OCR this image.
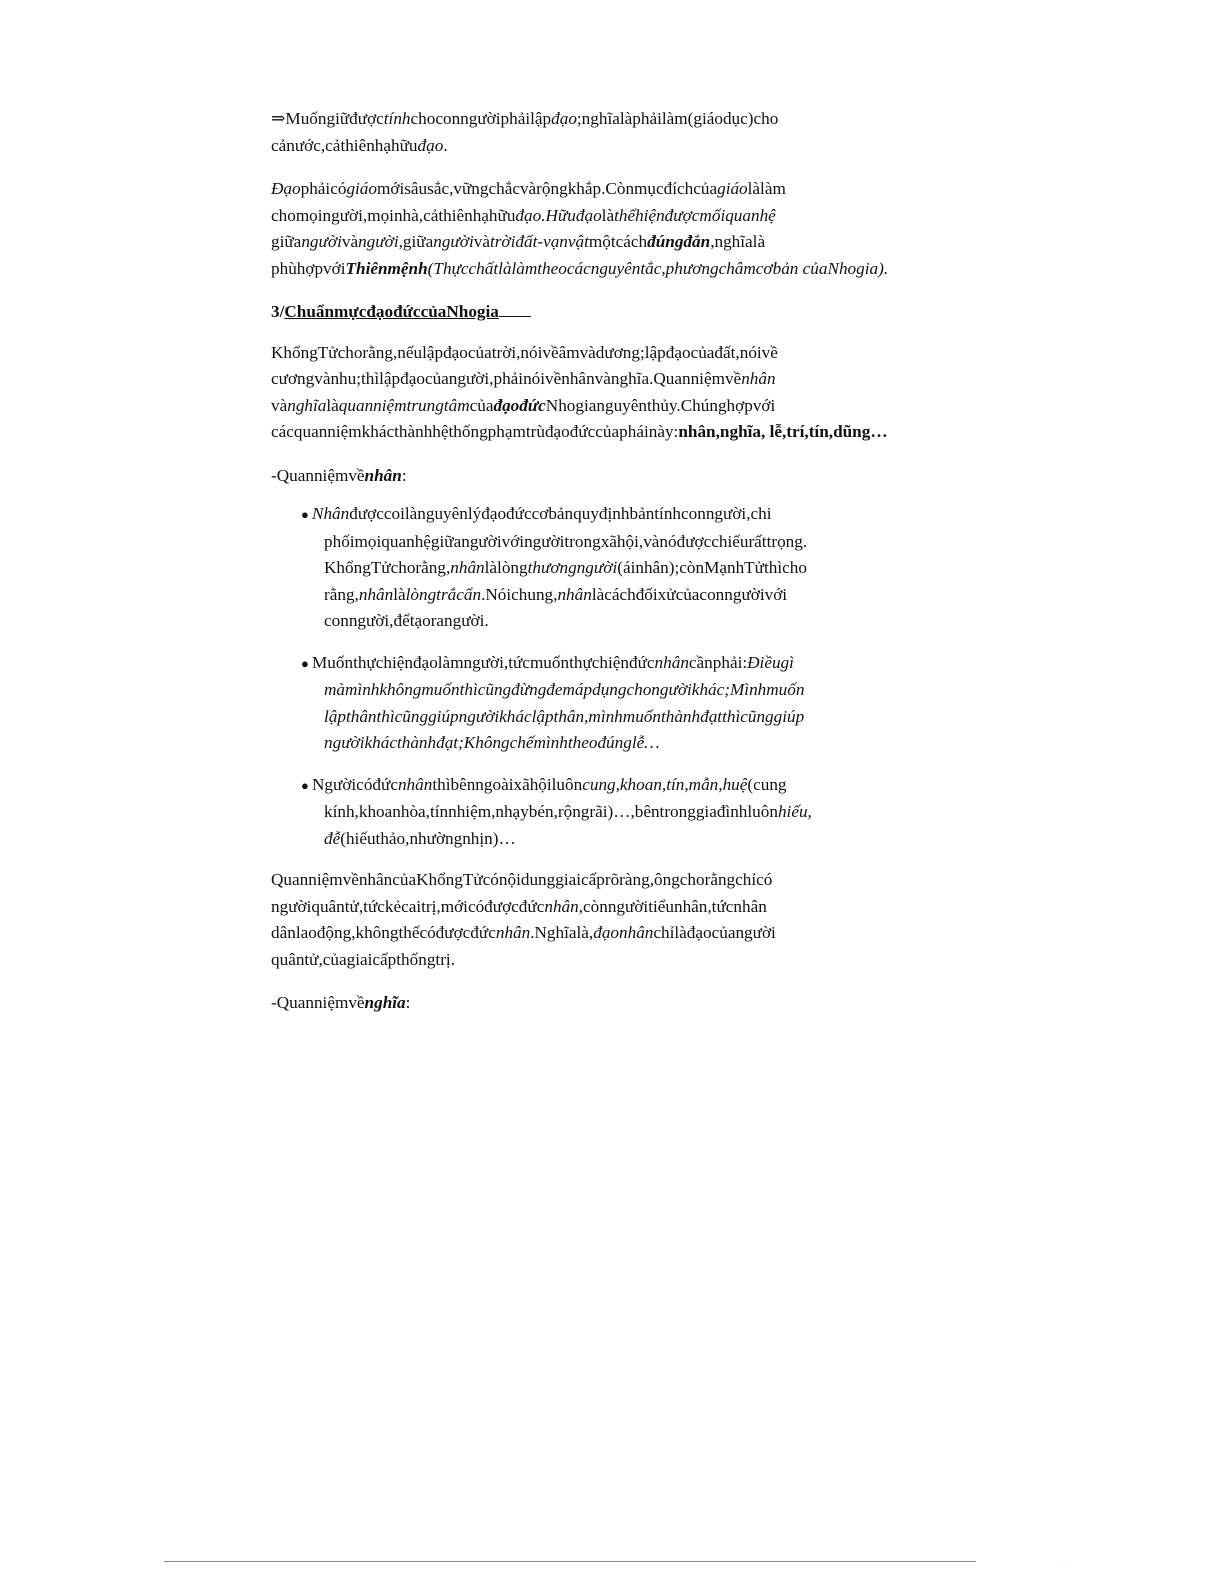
⇒Muốngiữđượctínhchoconngườiphảilậpđạo;nghĩalàphảilàm(giáodục)cho cảnước,cảthiênhạhữuđạo.

Đạophảicógiáomớisâusắc,vữngchắcvàrộngkhắp.Cònmụcđíchcủagiáolàlàm chomọingười,mọinhà,cảthiênhạhữuđạo.Hữuđạolàthểhiệnđượcmốiquanhệ giữangườivàngười,giữangườivàtrờiđất-vạnvậtmộtcáchđúngđắn,nghĩalà phùhợpvớiThiênmệnh(Thựcchấtlàlàmtheocácnguyêntắc,phươngchâmcơbản củaNhogia).

3/ChuẩnmựcđạođứccủaNhogia

KhổngTửchorằng,nếulậpđạocủatrời,nóivềâmvàdương;lậpđạocủađất,nóivề cươngvànhu;thìlậpđạocủangười,phảinóivềnhânvànghĩa.Quanniệmvềnhân vànghĩalàquanniệmtrungtâmcủađạođứcNhogianguyênthủy.Chúnghợpvới cácquanniệmkhácthànhhệthốngphạmtrùđạođứccủapháinày:nhân,nghĩa, lễ,trí,tín,dũng…

-Quanniệmvềnhân:

● Nhânđượccoilànguyênlýđạođứccơbảnquyđịnhbảntínhconngười,chi phốimọiquanhệgiữangườivớingườitrongxãhội,vànóđượcchiếurấttrọng. KhổngTửchorằng,nhânlàlòngthươngngười(áinhân);cònMạnhTửthìcho rằng,nhânlàlòngtrắcẩn.Nóichung,nhânlàcáchđốixửcủaconngườivới conngười,đểtạorangười.

● Muốnthựchiệnđạolàmngười,tứcmuốnthựchiệnđứcnhâncầnphải:Điềugì màmìnhkhôngmuốnthìcũngđừngđemápdụngchongườikhác;Mìnhmuốn lậpthânthìcũnggiúpngườikháclậpthân,mìnhmuốnthànhđạtthìcũnggiúp ngườikhácthànhđạt;Khôngchếmìnhtheođúnglễ…

● Ngườicóđứcnhânthìbênngoàixãhộiluôncung,khoan,tín,mẫn,huệ(cung kính,khoanhòa,tínnhiệm,nhạybén,rộngrãi)…,bêntronggiađìnhluônhiếu, đễ(hiếuthảo,nhườngnhịn)…

QuanniệmvềnhâncủaKhổngTửcónộidunggiaicấprõràng,ôngchorằngchỉcó ngườiquântử,tứckẻcaitrị,mớicóđượcđứcnhân,cònngườitiểunhân,tứcnhân dânlaođộng,khôngthểcóđượcđứcnhân.Nghĩalà,đạonhânchỉlàđạocủangười quântử,củagiaicấpthốngtrị.

-Quanniệmvềnghĩa:
